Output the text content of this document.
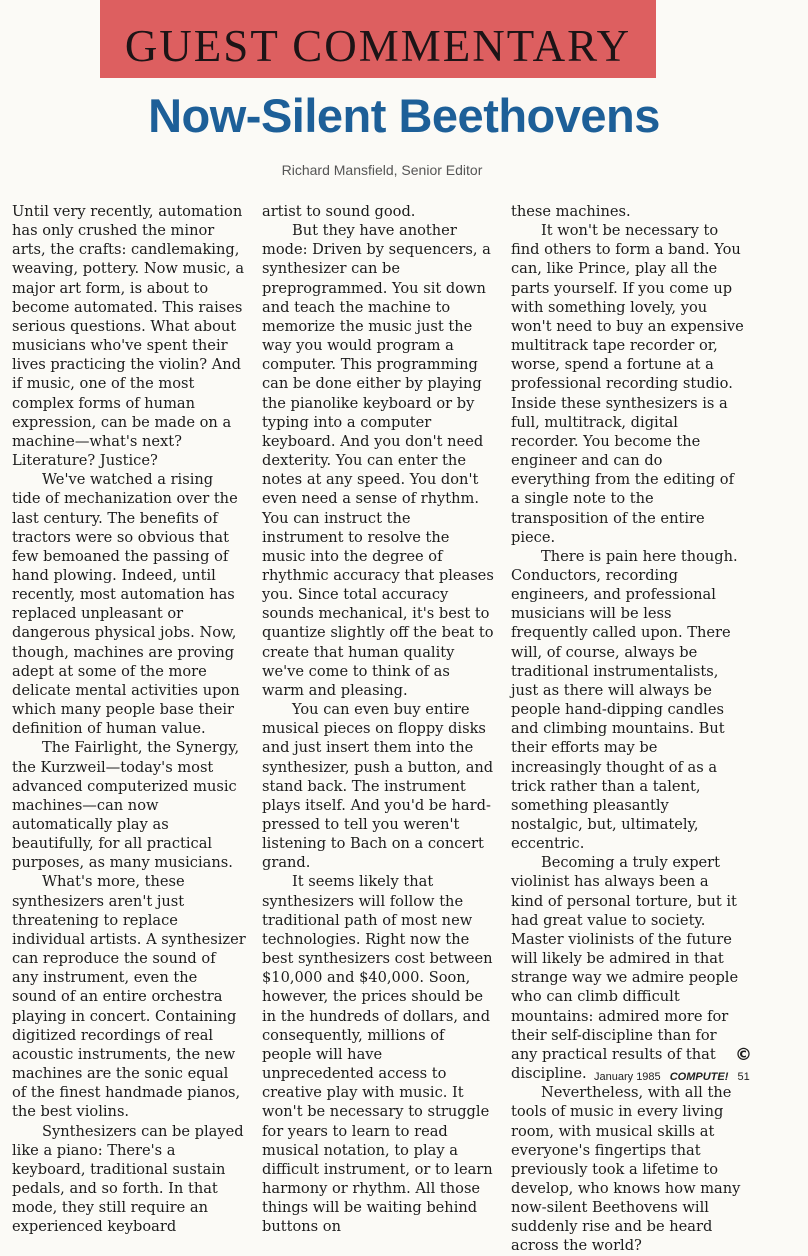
GUEST COMMENTARY
Now-Silent Beethovens
Richard Mansfield, Senior Editor

Until very recently, automation has only crushed the minor arts, the crafts: candlemaking, weaving, pottery. Now music, a major art form, is about to become automated. This raises serious questions. What about musicians who've spent their lives practicing the violin? And if music, one of the most complex forms of human expression, can be made on a machine—what's next? Literature? Justice?

We've watched a rising tide of mechanization over the last century. The benefits of tractors were so obvious that few bemoaned the passing of hand plowing. Indeed, until recently, most automation has replaced unpleasant or dangerous physical jobs. Now, though, machines are proving adept at some of the more delicate mental activities upon which many people base their definition of human value.

The Fairlight, the Synergy, the Kurzweil—today's most advanced computerized music machines—can now automatically play as beautifully, for all practical purposes, as many musicians.

What's more, these synthesizers aren't just threatening to replace individual artists. A synthesizer can reproduce the sound of any instrument, even the sound of an entire orchestra playing in concert. Containing digitized recordings of real acoustic instruments, the new machines are the sonic equal of the finest handmade pianos, the best violins.

Synthesizers can be played like a piano: There's a keyboard, traditional sustain pedals, and so forth. In that mode, they still require an experienced keyboard

artist to sound good.

But they have another mode: Driven by sequencers, a synthesizer can be preprogrammed. You sit down and teach the machine to memorize the music just the way you would program a computer. This programming can be done either by playing the pianolike keyboard or by typing into a computer keyboard. And you don't need dexterity. You can enter the notes at any speed. You don't even need a sense of rhythm. You can instruct the instrument to resolve the music into the degree of rhythmic accuracy that pleases you. Since total accuracy sounds mechanical, it's best to quantize slightly off the beat to create that human quality we've come to think of as warm and pleasing.

You can even buy entire musical pieces on floppy disks and just insert them into the synthesizer, push a button, and stand back. The instrument plays itself. And you'd be hard-pressed to tell you weren't listening to Bach on a concert grand.

It seems likely that synthesizers will follow the traditional path of most new technologies. Right now the best synthesizers cost between $10,000 and $40,000. Soon, however, the prices should be in the hundreds of dollars, and consequently, millions of people will have unprecedented access to creative play with music. It won't be necessary to struggle for years to learn to read musical notation, to play a difficult instrument, or to learn harmony or rhythm. All those things will be waiting behind buttons on

these machines.

It won't be necessary to find others to form a band. You can, like Prince, play all the parts yourself. If you come up with something lovely, you won't need to buy an expensive multitrack tape recorder or, worse, spend a fortune at a professional recording studio. Inside these synthesizers is a full, multitrack, digital recorder. You become the engineer and can do everything from the editing of a single note to the transposition of the entire piece.

There is pain here though. Conductors, recording engineers, and professional musicians will be less frequently called upon. There will, of course, always be traditional instrumentalists, just as there will always be people hand-dipping candles and climbing mountains. But their efforts may be increasingly thought of as a trick rather than a talent, something pleasantly nostalgic, but, ultimately, eccentric.

Becoming a truly expert violinist has always been a kind of personal torture, but it had great value to society. Master violinists of the future will likely be admired in that strange way we admire people who can climb difficult mountains: admired more for their self-discipline than for any practical results of that discipline.

Nevertheless, with all the tools of music in every living room, with musical skills at everyone's fingertips that previously took a lifetime to develop, who knows how many now-silent Beethovens will suddenly rise and be heard across the world?

©
January 1985 COMPUTE! 51
